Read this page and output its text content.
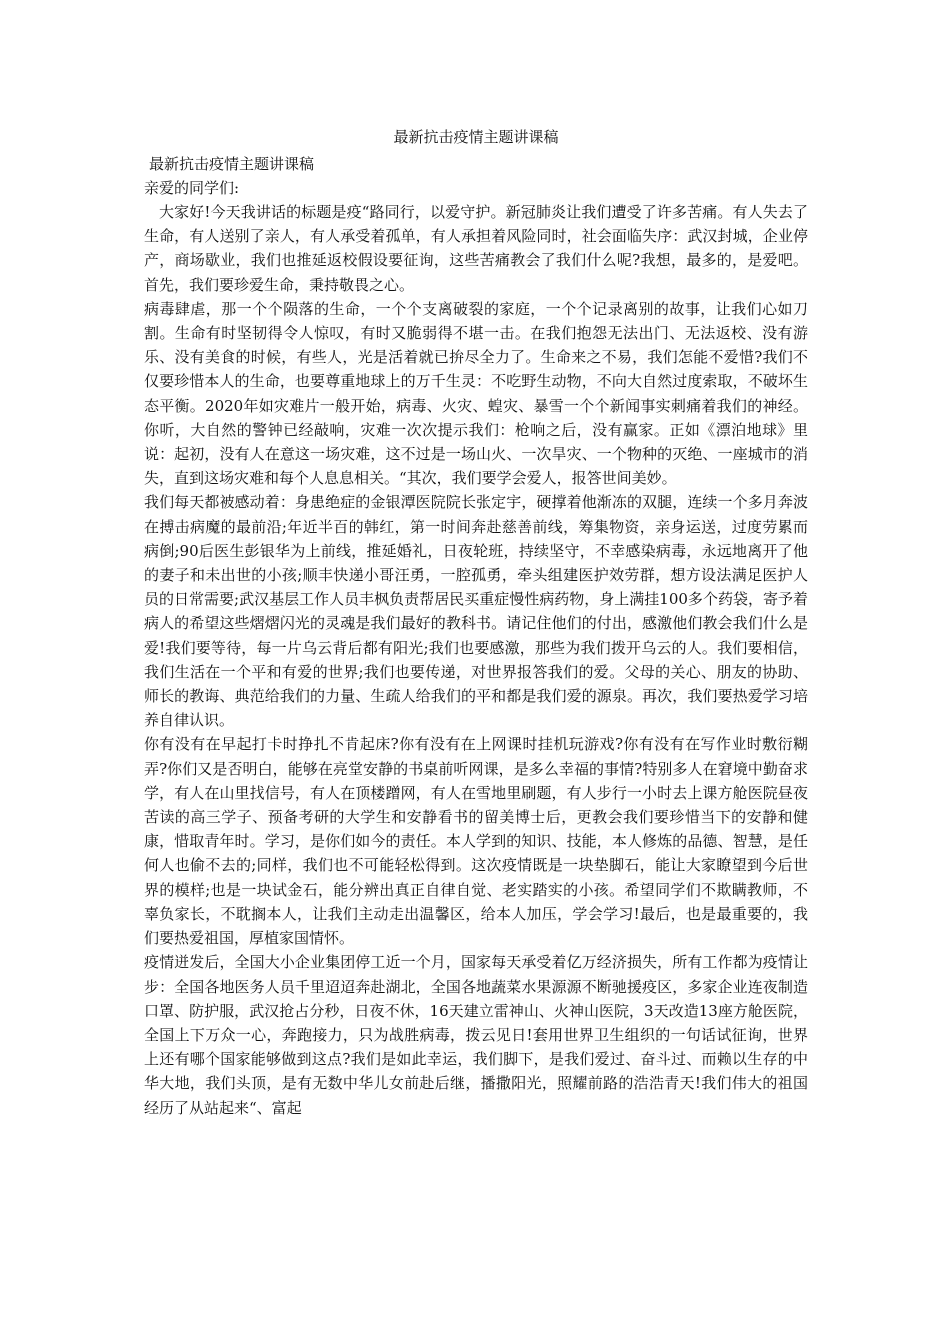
最新抗击疫情主题讲课稿
最新抗击疫情主题讲课稿
亲爱的同学们:

大家好!今天我讲话的标题是疫“路同行，以爱守护。新冠肺炎让我们遭受了许多苦痛。有人失去了生命，有人送别了亲人，有人承受着孤单，有人承担着风险同时，社会面临失序：武汉封城，企业停产，商场歇业，我们也推延返校假设要征询，这些苦痛教会了我们什么呢?我想，最多的，是爱吧。首先，我们要珍爱生命，秉持敬畏之心。

病毒肆虐，那一个个陨落的生命，一个个支离破裂的家庭，一个个记录离别的故事，让我们心如刀割。生命有时坚韧得令人惊叹，有时又脆弱得不堪一击。在我们抱怨无法出门、无法返校、没有游乐、没有美食的时候，有些人，光是活着就已拚尽全力了。生命来之不易，我们怎能不爱惜?我们不仅要珍惜本人的生命，也要尊重地球上的万千生灵：不吃野生动物，不向大自然过度索取，不破坏生态平衡。2020年如灾难片一般开始，病毒、火灾、蝗灾、暴雪一个个新闻事实刺痛着我们的神经。你听，大自然的警钟已经敲响，灾难一次次提示我们：枪响之后，没有赢家。正如《漂泊地球》里说：起初，没有人在意这一场灾难，这不过是一场山火、一次旱灾、一个物种的灭绝、一座城市的消失，直到这场灾难和每个人息息相关。“其次，我们要学会爱人，报答世间美妙。

我们每天都被感动着：身患绝症的金银潭医院院长张定宇，硬撑着他渐冻的双腿，连续一个多月奔波在搏击病魔的最前沿;年近半百的韩红，第一时间奔赴慈善前线，筹集物资，亲身运送，过度劳累而病倒;90后医生彭银华为上前线，推延婚礼，日夜轮班，持续坚守，不幸感染病毒，永远地离开了他的妻子和未出世的小孩;顺丰快递小哥汪勇，一腔孤勇，牵头组建医护效劳群，想方设法满足医护人员的日常需要;武汉基层工作人员丰枫负责帮居民买重症慢性病药物，身上满挂100多个药袋，寄予着病人的希望这些熠熠闪光的灵魂是我们最好的教科书。请记住他们的付出，感激他们教会我们什么是爱!我们要等待，每一片乌云背后都有阳光;我们也要感激，那些为我们拨开乌云的人。我们要相信，我们生活在一个平和有爱的世界;我们也要传递，对世界报答我们的爱。父母的关心、朋友的协助、师长的教诲、典范给我们的力量、生疏人给我们的平和都是我们爱的源泉。再次，我们要热爱学习培养自律认识。

你有没有在早起打卡时挣扎不肯起床?你有没有在上网课时挂机玩游戏?你有没有在写作业时敷衍糊弄?你们又是否明白，能够在亮堂安静的书桌前听网课，是多么幸福的事情?特别多人在窘境中勤奋求学，有人在山里找信号，有人在顶楼蹭网，有人在雪地里刷题，有人步行一小时去上课方舱医院昼夜苦读的高三学子、预备考研的大学生和安静看书的留美博士后，更教会我们要珍惜当下的安静和健康，惜取青年时。学习，是你们如今的责任。本人学到的知识、技能，本人修炼的品德、智慧，是任何人也偷不去的;同样，我们也不可能轻松得到。这次疫情既是一块垫脚石，能让大家瞭望到今后世界的模样;也是一块试金石，能分辨出真正自律自觉、老实踏实的小孩。希望同学们不欺瞒教师，不辜负家长，不耽搁本人，让我们主动走出温馨区，给本人加压，学会学习!最后，也是最重要的，我们要热爱祖国，厚植家国情怀。

疫情迸发后，全国大小企业集团停工近一个月，国家每天承受着亿万经济损失，所有工作都为疫情让步：全国各地医务人员千里迢迢奔赴湖北，全国各地蔬菜水果源源不断驰援疫区，多家企业连夜制造口罩、防护服，武汉抢占分秒，日夜不休，16天建立雷神山、火神山医院，3天改造13座方舱医院，全国上下万众一心，奔跑接力，只为战胜病毒，拨云见日!套用世界卫生组织的一句话试征询，世界上还有哪个国家能够做到这点?我们是如此幸运，我们脚下，是我们爱过、奋斗过、而赖以生存的中华大地，我们头顶，是有无数中华儿女前赴后继，播撒阳光，照耀前路的浩浩青天!我们伟大的祖国经历了从站起来“、富起
